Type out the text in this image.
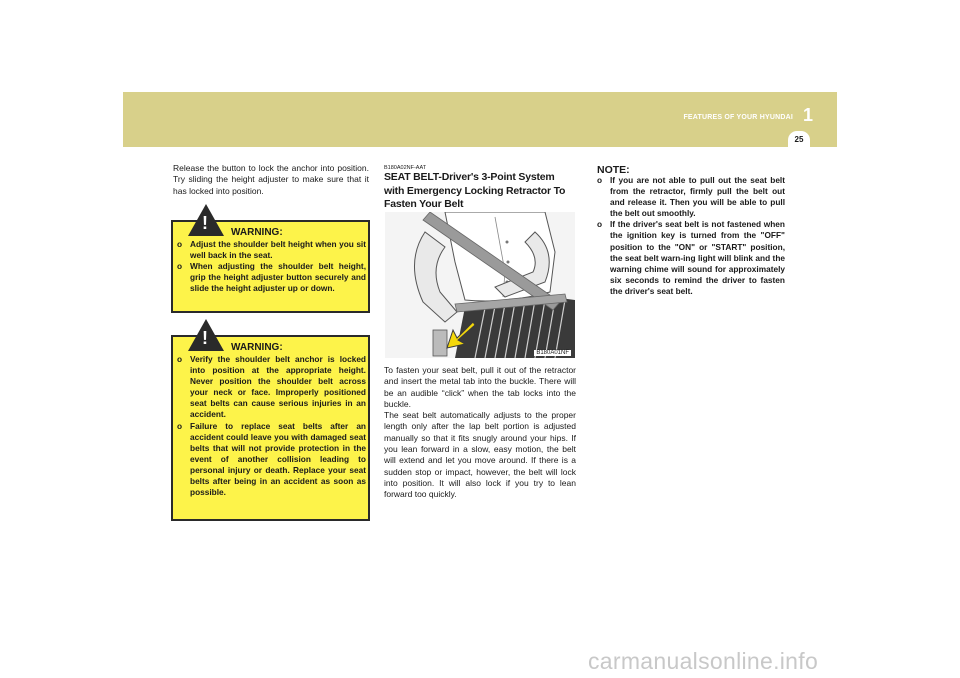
FEATURES OF YOUR HYUNDAI 1
25
Release the button to lock the anchor into position. Try sliding the height adjuster to make sure that it has locked into position.
! WARNING:
o Adjust the shoulder belt height when you sit well back in the seat.
o When adjusting the shoulder belt height, grip the height adjuster button securely and slide the height adjuster up or down.
! WARNING:
o Verify the shoulder belt anchor is locked into position at the appropriate height. Never position the shoulder belt across your neck or face. Improperly positioned seat belts can cause serious injuries in an accident.
o Failure to replace seat belts after an accident could leave you with damaged seat belts that will not provide protection in the event of another collision leading to personal injury or death. Replace your seat belts after being in an accident as soon as possible.
B180A02NF-AAT
SEAT BELT-Driver's 3-Point System with Emergency Locking Retractor To Fasten Your Belt
B180A01NF

To fasten your seat belt, pull it out of the retractor and insert the metal tab into the buckle. There will be an audible “click” when the tab locks into the buckle.

The seat belt automatically adjusts to the proper length only after the lap belt portion is adjusted manually so that it fits snugly around your hips. If you lean forward in a slow, easy motion, the belt will extend and let you move around. If there is a sudden stop or impact, however, the belt will lock into position. It will also lock if you try to lean forward too quickly.

NOTE:
o If you are not able to pull out the seat belt from the retractor, firmly pull the belt out and release it. Then you will be able to pull the belt out smoothly.
o If the driver's seat belt is not fastened when the ignition key is turned from the "OFF" position to the "ON" or "START" position, the seat belt warn-ing light will blink and the warning chime will sound for approximately six seconds to remind the driver to fasten the driver's seat belt.
carmanualsonline.info
